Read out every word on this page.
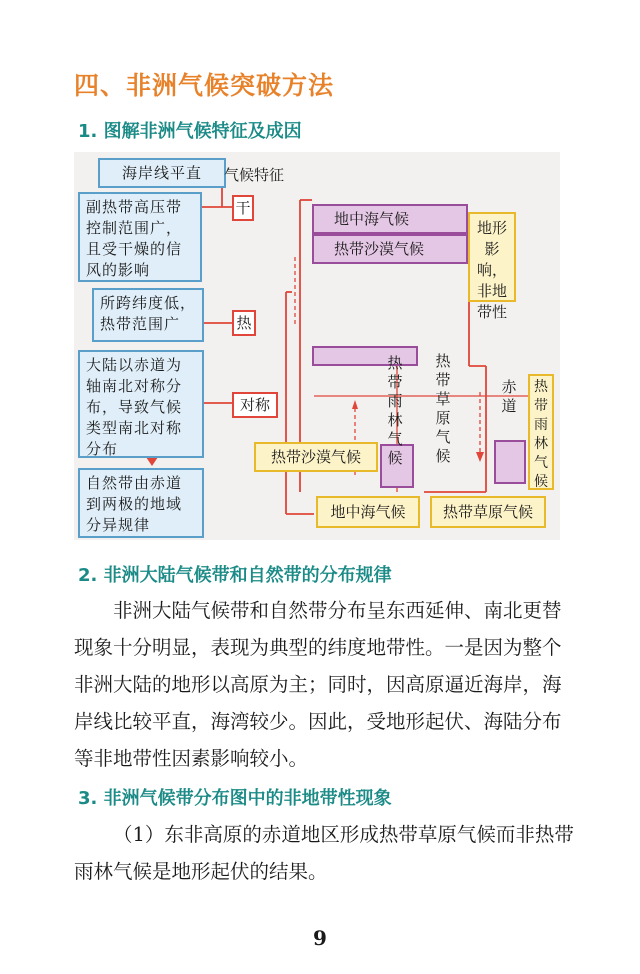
四、非洲气候突破方法
1. 图解非洲气候特征及成因
海岸线平直	气候特征
副热带高压带控制范围广，且受干燥的信风的影响
所跨纬度低，热带范围广
大陆以赤道为轴南北对称分布，导致气候类型南北对称分布
自然带由赤道到两极的地域分异规律
干
热
对称
地中海气候
热带沙漠气候
热带雨林气候
热带草原气候
赤道
地形影响，非地带性
热带雨林气候
热带沙漠气候
地中海气候	热带草原气候
2. 非洲大陆气候带和自然带的分布规律

非洲大陆气候带和自然带分布呈东西延伸、南北更替现象十分明显，表现为典型的纬度地带性。一是因为整个非洲大陆的地形以高原为主；同时，因高原逼近海岸，海岸线比较平直，海湾较少。因此，受地形起伏、海陆分布等非地带性因素影响较小。

3. 非洲气候带分布图中的非地带性现象

（1）东非高原的赤道地区形成热带草原气候而非热带雨林气候是地形起伏的结果。

9
